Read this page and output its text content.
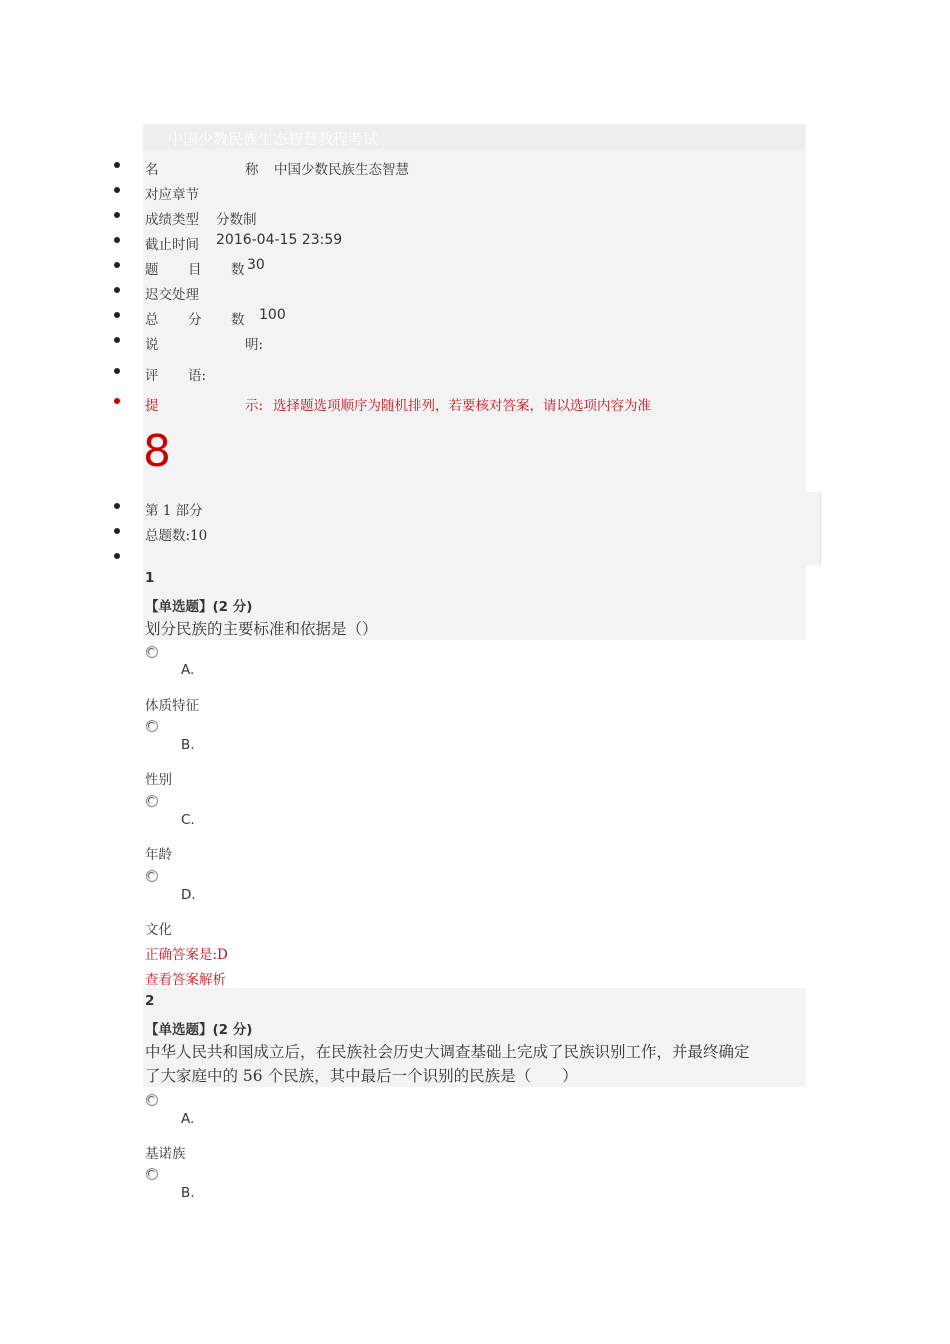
中国少数民族生态智慧教程考试
名	称 中国少数民族生态智慧
对应章节
成绩类型 分数制
截止时间 2016-04-15 23:59
题 目 数 30
迟交处理
总 分 数 100
说	明:
评 语:
提	示: 选择题选项顺序为随机排列，若要核对答案，请以选项内容为准
8
第 1 部分
总题数:10
1
【单选题】(2 分)
划分民族的主要标准和依据是（）
A.
体质特征
B.
性别
C.
年龄
D.
文化
正确答案是:D
查看答案解析
2
【单选题】(2 分)
中华人民共和国成立后，在民族社会历史大调查基础上完成了民族识别工作，并最终确定
了大家庭中的 56 个民族，其中最后一个识别的民族是（　　）
A.
基诺族
B.
